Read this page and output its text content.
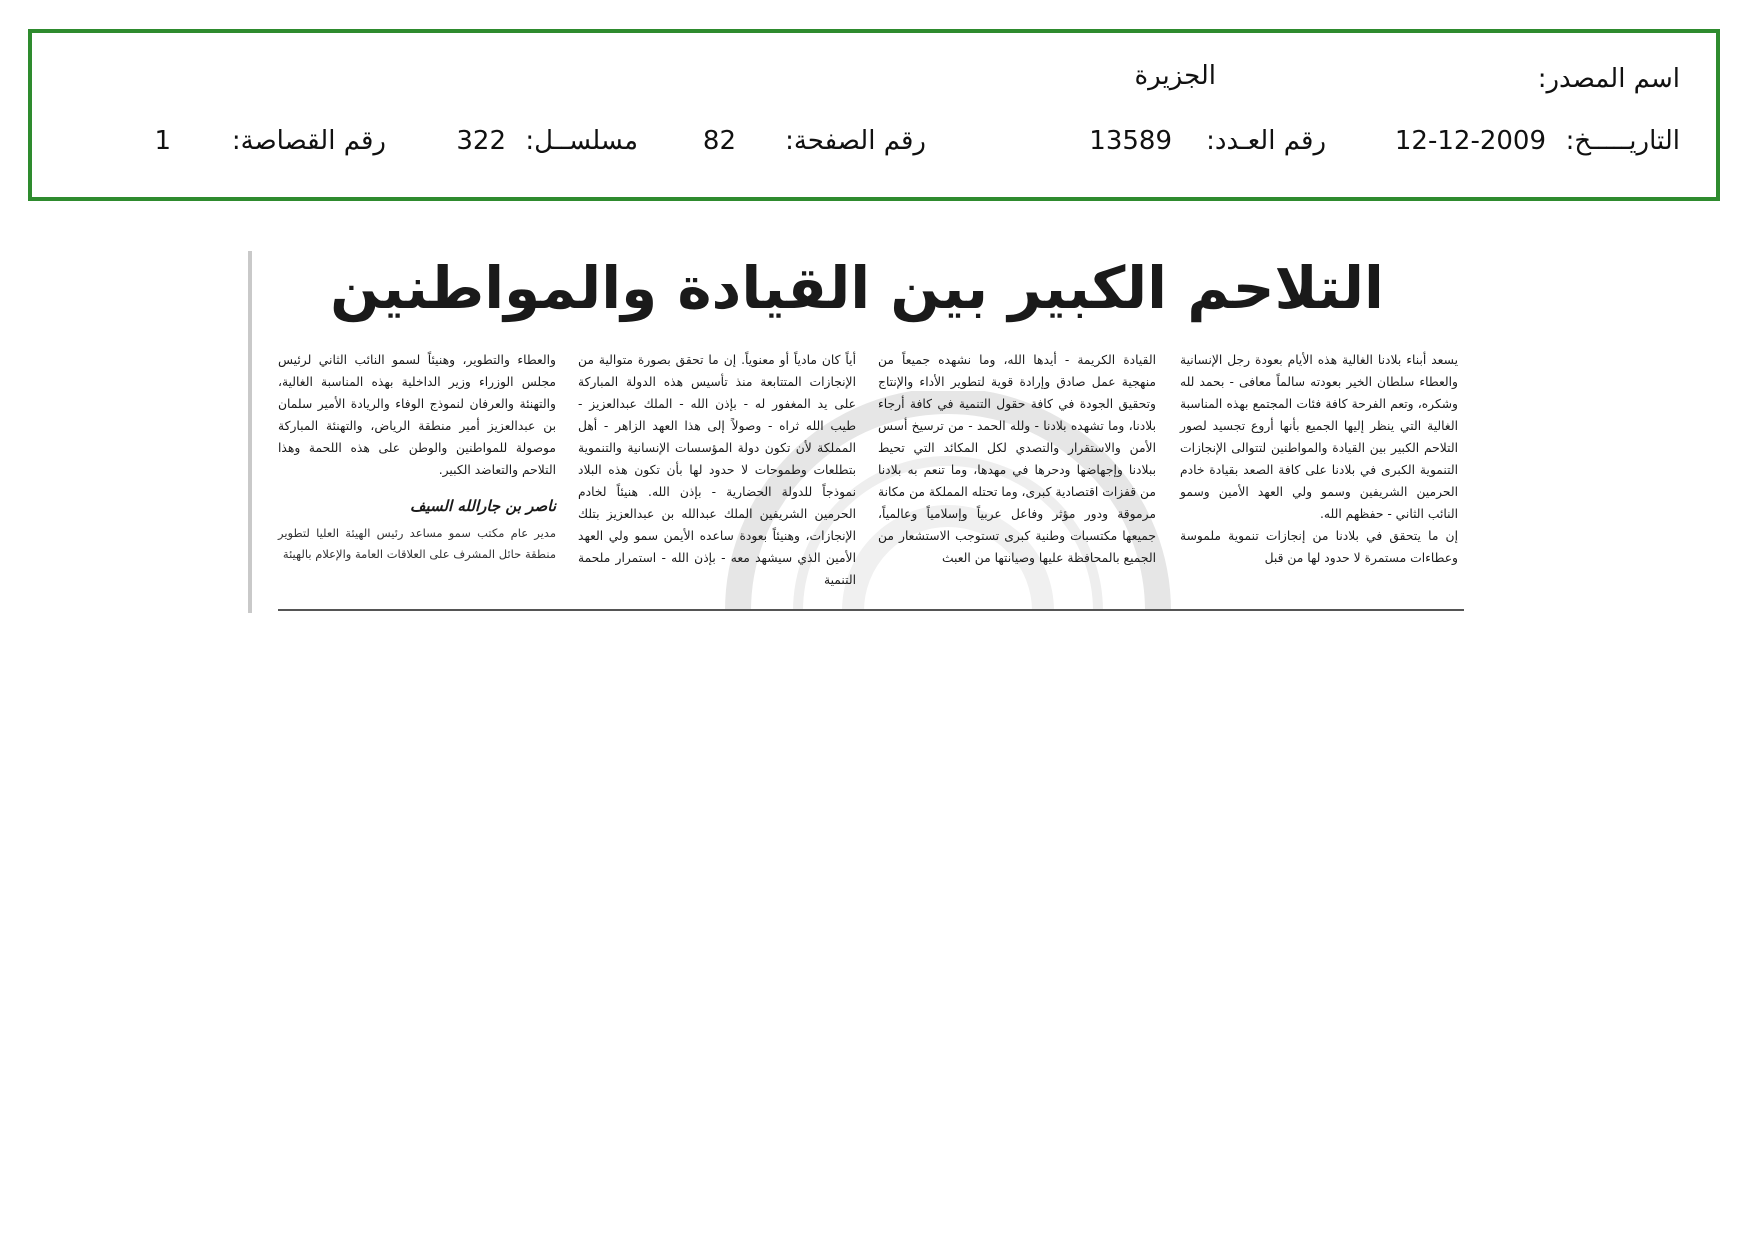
اسم المصدر:
الجزيرة
التاريـــــخ:
12-12-2009
رقم العـدد:
13589
رقم الصفحة:
82
مسلســل:
322
رقم القصاصة:
1
التلاحم الكبير بين القيادة والمواطنين

يسعد أبناء بلادنا الغالية هذه الأيام بعودة رجل الإنسانية والعطاء سلطان الخير بعودته سالماً معافى - بحمد لله وشكره، وتعم الفرحة كافة فئات المجتمع بهذه المناسبة الغالية التي ينظر إليها الجميع بأنها أروع تجسيد لصور التلاحم الكبير بين القيادة والمواطنين لتتوالى الإنجازات التنموية الكبرى في بلادنا على كافة الصعد بقيادة خادم الحرمين الشريفين وسمو ولي العهد الأمين وسمو النائب الثاني - حفظهم الله.

إن ما يتحقق في بلادنا من إنجازات تنموية ملموسة وعطاءات مستمرة لا حدود لها من قبل

القيادة الكريمة - أيدها الله، وما نشهده جميعاً من منهجية عمل صادق وإرادة قوية لتطوير الأداء والإنتاج وتحقيق الجودة في كافة حقول التنمية في كافة أرجاء بلادنا، وما تشهده بلادنا - ولله الحمد - من ترسيخ أسس الأمن والاستقرار والتصدي لكل المكائد التي تحيط ببلادنا وإجهاضها ودحرها في مهدها، وما تنعم به بلادنا من قفزات اقتصادية كبرى، وما تحتله المملكة من مكانة مرموقة ودور مؤثر وفاعل عربياً وإسلامياً وعالمياً، جميعها مكتسبات وطنية كبرى تستوجب الاستشعار من الجميع بالمحافظة عليها وصيانتها من العبث

أياً كان مادياً أو معنوياً. إن ما تحقق بصورة متوالية من الإنجازات المتتابعة منذ تأسيس هذه الدولة المباركة على يد المغفور له - بإذن الله - الملك عبدالعزيز - طيب الله ثراه - وصولاً إلى هذا العهد الزاهر - أهل المملكة لأن تكون دولة المؤسسات الإنسانية والتنموية بتطلعات وطموحات لا حدود لها بأن تكون هذه البلاد نموذجاً للدولة الحضارية - بإذن الله. هنيئاً لخادم الحرمين الشريفين الملك عبدالله بن عبدالعزيز بتلك الإنجازات، وهنيئاً بعودة ساعده الأيمن سمو ولي العهد الأمين الذي سيشهد معه - بإذن الله - استمرار ملحمة التنمية

والعطاء والتطوير، وهنيئاً لسمو النائب الثاني لرئيس مجلس الوزراء وزير الداخلية بهذه المناسبة الغالية، والتهنئة والعرفان لنموذج الوفاء والريادة الأمير سلمان بن عبدالعزيز أمير منطقة الرياض، والتهنئة المباركة موصولة للمواطنين والوطن على هذه اللحمة وهذا التلاحم والتعاضد الكبير.

ناصر بن جارالله السيف

مدير عام مكتب سمو مساعد رئيس الهيئة العليا لتطوير منطقة حائل المشرف على العلاقات العامة والإعلام بالهيئة
